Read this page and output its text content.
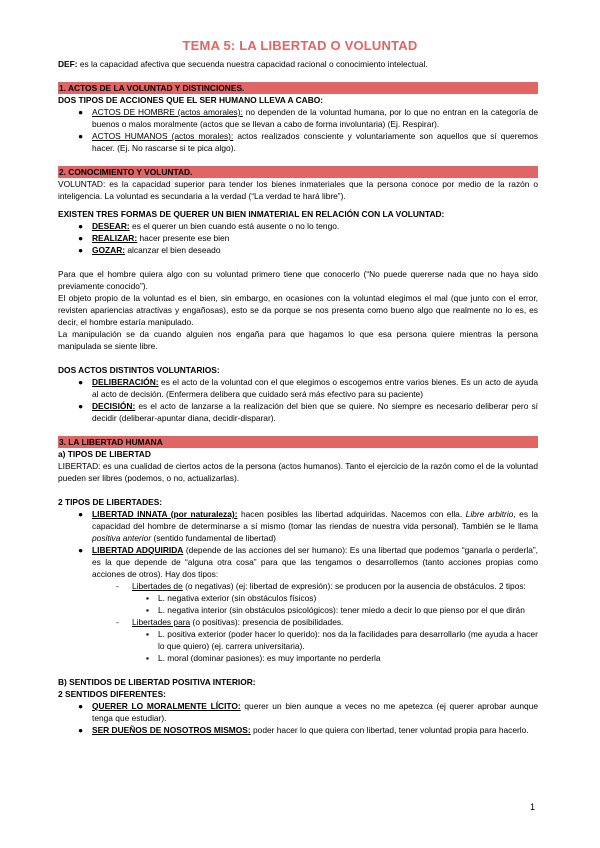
TEMA 5: LA LIBERTAD O VOLUNTAD

DEF: es la capacidad afectiva que secuenda nuestra capacidad racional o conocimiento intelectual.

1. ACTOS DE LA VOLUNTAD Y DISTINCIONES.

DOS TIPOS DE ACCIONES QUE EL SER HUMANO LLEVA A CABO:

● ACTOS DE HOMBRE (actos amorales): no dependen de la voluntad humana, por lo que no entran en la categoría de buenos o malos moralmente (actos que se llevan a cabo de forma involuntaria) (Ej. Respirar).
● ACTOS HUMANOS (actos morales): actos realizados consciente y voluntariamente son aquellos que sí queremos hacer. (Ej. No rascarse si te pica algo).

2. CONOCIMIENTO Y VOLUNTAD.

VOLUNTAD: es la capacidad superior para tender los bienes inmateriales que la persona conoce por medio de la razón o inteligencia. La voluntad es secundaria a la verdad (“La verdad te hará libre”).

EXISTEN TRES FORMAS DE QUERER UN BIEN INMATERIAL EN RELACIÓN CON LA VOLUNTAD:

● DESEAR: es el querer un bien cuando está ausente o no lo tengo.
● REALIZAR: hacer presente ese bien
● GOZAR: alcanzar el bien deseado

Para que el hombre quiera algo con su voluntad primero tiene que conocerlo (“No puede quererse nada que no haya sido previamente conocido”).

El objeto propio de la voluntad es el bien, sin embargo, en ocasiones con la voluntad elegimos el mal (que junto con el error, revisten apariencias atractivas y engañosas), esto se da porque se nos presenta como bueno algo que realmente no lo es, es decir, el hombre estaría manipulado.

La manipulación se da cuando alguien nos engaña para que hagamos lo que esa persona quiere mientras la persona manipulada se siente libre.

DOS ACTOS DISTINTOS VOLUNTARIOS:

● DELIBERACIÓN: es el acto de la voluntad con el que elegimos o escogemos entre varios bienes. Es un acto de ayuda al acto de decisión. (Enfermera delibera que cuidado será más efectivo para su paciente)
● DECISIÓN: es el acto de lanzarse a la realización del bien que se quiere. No siempre es necesario deliberar pero sí decidir (deliberar-apuntar diana, decidir-disparar).

3. LA LIBERTAD HUMANA

a) TIPOS DE LIBERTAD

LIBERTAD: es una cualidad de ciertos actos de la persona (actos humanos). Tanto el ejercicio de la razón como el de la voluntad pueden ser libres (podemos, o no, actualizarlas).

2 TIPOS DE LIBERTADES:

● LIBERTAD INNATA (por naturaleza): hacen posibles las libertad adquiridas. Nacemos con ella. Libre arbitrio, es la capacidad del hombre de determinarse a sí mismo (tomar las riendas de nuestra vida personal). También se le llama positiva anterior (sentido fundamental de libertad)
● LIBERTAD ADQUIRIDA (depende de las acciones del ser humano): Es una libertad que podemos “ganarla o perderla”, es la que depende de “alguna otra cosa” para que las tengamos o desarrollemos (tanto acciones propias como acciones de otros). Hay dos tipos:
- Libertades de (o negativas) (ej: libertad de expresión): se producen por la ausencia de obstáculos. 2 tipos:
▪ L. negativa exterior (sin obstáculos físicos)
▪ L. negativa interior (sin obstáculos psicológicos): tener miedo a decir lo que pienso por el que dirán
- Libertades para (o positivas): presencia de posibilidades.
▪ L. positiva exterior (poder hacer lo querido): nos da la facilidades para desarrollarlo (me ayuda a hacer lo que quiero) (ej. carrera universitaria).
▪ L. moral (dominar pasiones): es muy importante no perderla

B) SENTIDOS DE LIBERTAD POSITIVA INTERIOR:

2 SENTIDOS DIFERENTES:

● QUERER LO MORALMENTE LÍCITO: querer un bien aunque a veces no me apetezca (ej querer aprobar aunque tenga que estudiar).
● SER DUEÑOS DE NOSOTROS MISMOS: poder hacer lo que quiera con libertad, tener voluntad propia para hacerlo.
1
